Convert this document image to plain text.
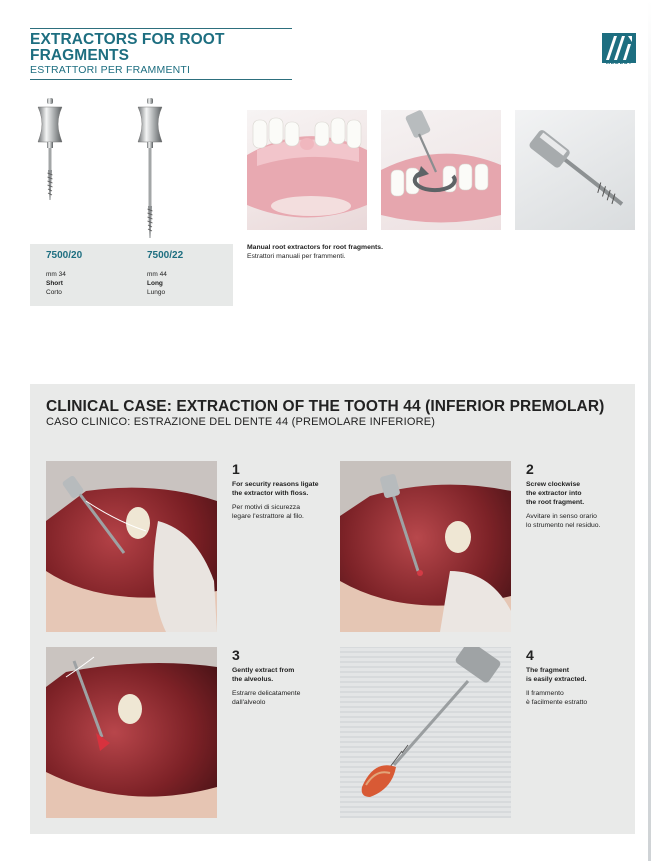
EXTRACTORS FOR ROOT FRAGMENTS
ESTRATTORI PER FRAMMENTI
MEDESY
7500/20
mm 34
Short
Corto
7500/22
mm 44
Long
Lungo
Manual root extractors for root fragments.
Estrattori manuali per frammenti.
CLINICAL CASE: EXTRACTION OF THE TOOTH 44 (INFERIOR PREMOLAR)
CASO CLINICO: ESTRAZIONE DEL DENTE 44 (PREMOLARE INFERIORE)
1
For security reasons ligate
the extractor with floss.
Per motivi di sicurezza
legare l'estrattore al filo.
2
Screw clockwise
the extractor into
the root fragment.
Avvitare in senso orario
lo strumento nel residuo.
3
Gently extract from
the alveolus.
Estrarre delicatamente
dall'alveolo
4
The fragment
is easily extracted.
Il frammento
è facilmente estratto
